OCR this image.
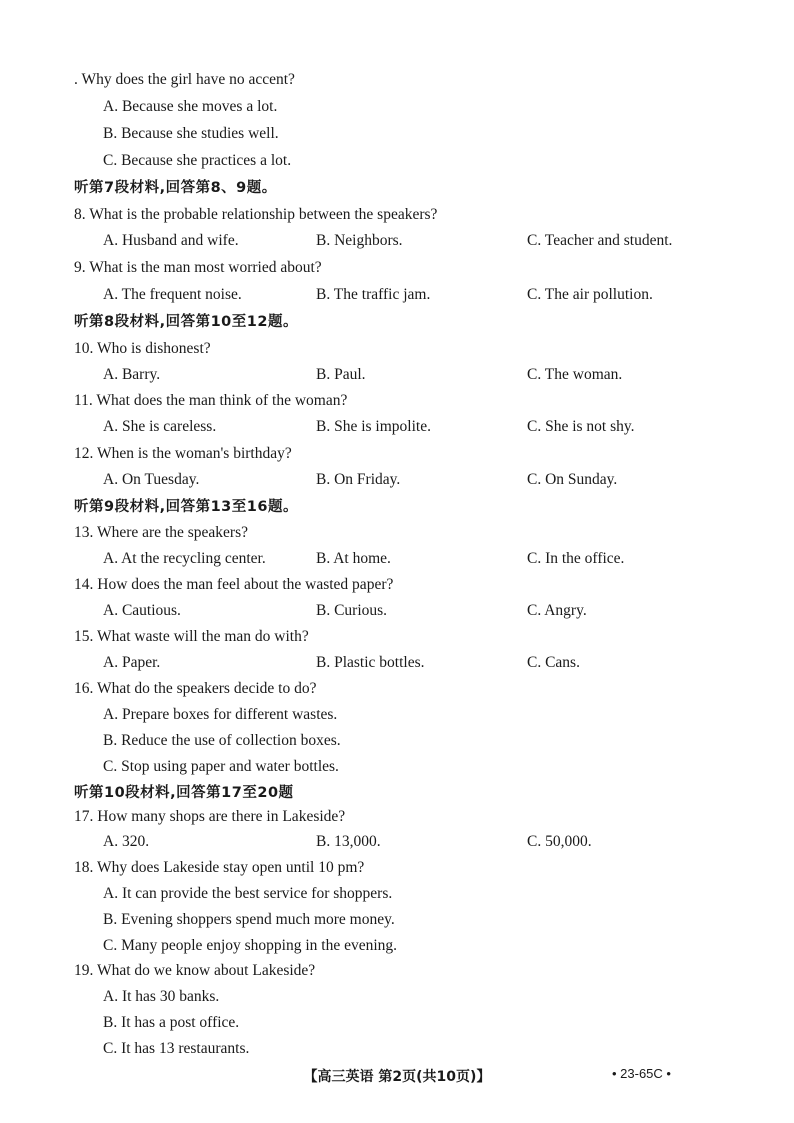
. Why does the girl have no accent?
A. Because she moves a lot.
B. Because she studies well.
C. Because she practices a lot.
听第7段材料,回答第8、9题。
8. What is the probable relationship between the speakers?
A. Husband and wife.	B. Neighbors.	C. Teacher and student.
9. What is the man most worried about?
A. The frequent noise.	B. The traffic jam.	C. The air pollution.
听第8段材料,回答第10至12题。
10. Who is dishonest?
A. Barry.	B. Paul.	C. The woman.
11. What does the man think of the woman?
A. She is careless.	B. She is impolite.	C. She is not shy.
12. When is the woman's birthday?
A. On Tuesday.	B. On Friday.	C. On Sunday.
听第9段材料,回答第13至16题。
13. Where are the speakers?
A. At the recycling center.	B. At home.	C. In the office.
14. How does the man feel about the wasted paper?
A. Cautious.	B. Curious.	C. Angry.
15. What waste will the man do with?
A. Paper.	B. Plastic bottles.	C. Cans.
16. What do the speakers decide to do?
A. Prepare boxes for different wastes.
B. Reduce the use of collection boxes.
C. Stop using paper and water bottles.
听第10段材料,回答第17至20题
17. How many shops are there in Lakeside?
A. 320.	B. 13,000.	C. 50,000.
18. Why does Lakeside stay open until 10 pm?
A. It can provide the best service for shoppers.
B. Evening shoppers spend much more money.
C. Many people enjoy shopping in the evening.
19. What do we know about Lakeside?
A. It has 30 banks.
B. It has a post office.
C. It has 13 restaurants.
【高三英语 第2页(共10页)】	• 23-65C •
